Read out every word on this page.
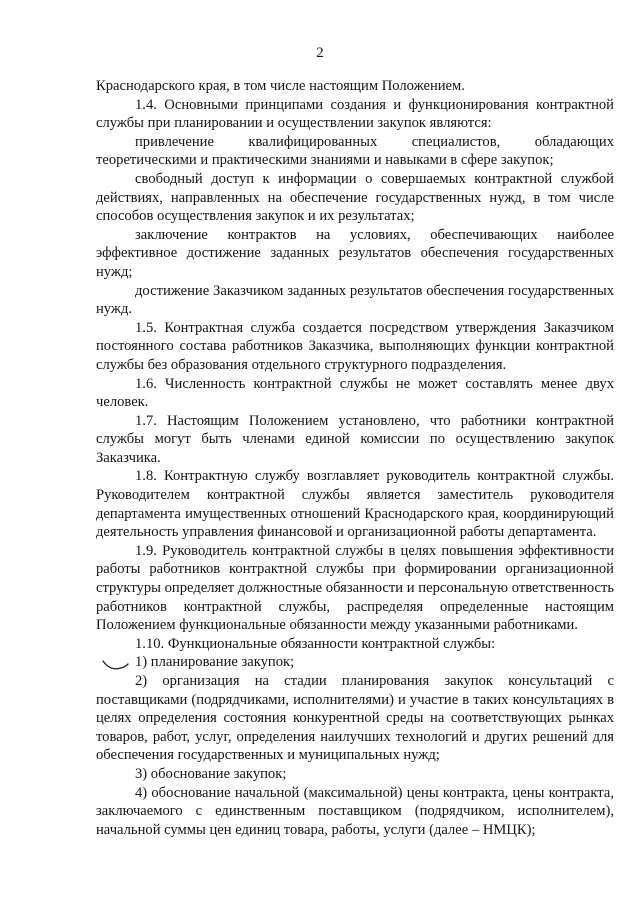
2

Краснодарского края, в том числе настоящим Положением.

1.4. Основными принципами создания и функционирования контрактной службы при планировании и осуществлении закупок являются:

привлечение квалифицированных специалистов, обладающих теоретическими и практическими знаниями и навыками в сфере закупок;

свободный доступ к информации о совершаемых контрактной службой действиях, направленных на обеспечение государственных нужд, в том числе способов осуществления закупок и их результатах;

заключение контрактов на условиях, обеспечивающих наиболее эффективное достижение заданных результатов обеспечения государственных нужд;

достижение Заказчиком заданных результатов обеспечения государственных нужд.

1.5. Контрактная служба создается посредством утверждения Заказчиком постоянного состава работников Заказчика, выполняющих функции контрактной службы без образования отдельного структурного подразделения.

1.6. Численность контрактной службы не может составлять менее двух человек.

1.7. Настоящим Положением установлено, что работники контрактной службы могут быть членами единой комиссии по осуществлению закупок Заказчика.

1.8. Контрактную службу возглавляет руководитель контрактной службы. Руководителем контрактной службы является заместитель руководителя департамента имущественных отношений Краснодарского края, координирующий деятельность управления финансовой и организационной работы департамента.

1.9. Руководитель контрактной службы в целях повышения эффективности работы работников контрактной службы при формировании организационной структуры определяет должностные обязанности и персональную ответственность работников контрактной службы, распределяя определенные настоящим Положением функциональные обязанности между указанными работниками.

1.10. Функциональные обязанности контрактной службы:

1) планирование закупок;

2) организация на стадии планирования закупок консультаций с поставщиками (подрядчиками, исполнителями) и участие в таких консультациях в целях определения состояния конкурентной среды на соответствующих рынках товаров, работ, услуг, определения наилучших технологий и других решений для обеспечения государственных и муниципальных нужд;

3) обоснование закупок;

4) обоснование начальной (максимальной) цены контракта, цены контракта, заключаемого с единственным поставщиком (подрядчиком, исполнителем), начальной суммы цен единиц товара, работы, услуги (далее – НМЦК);
